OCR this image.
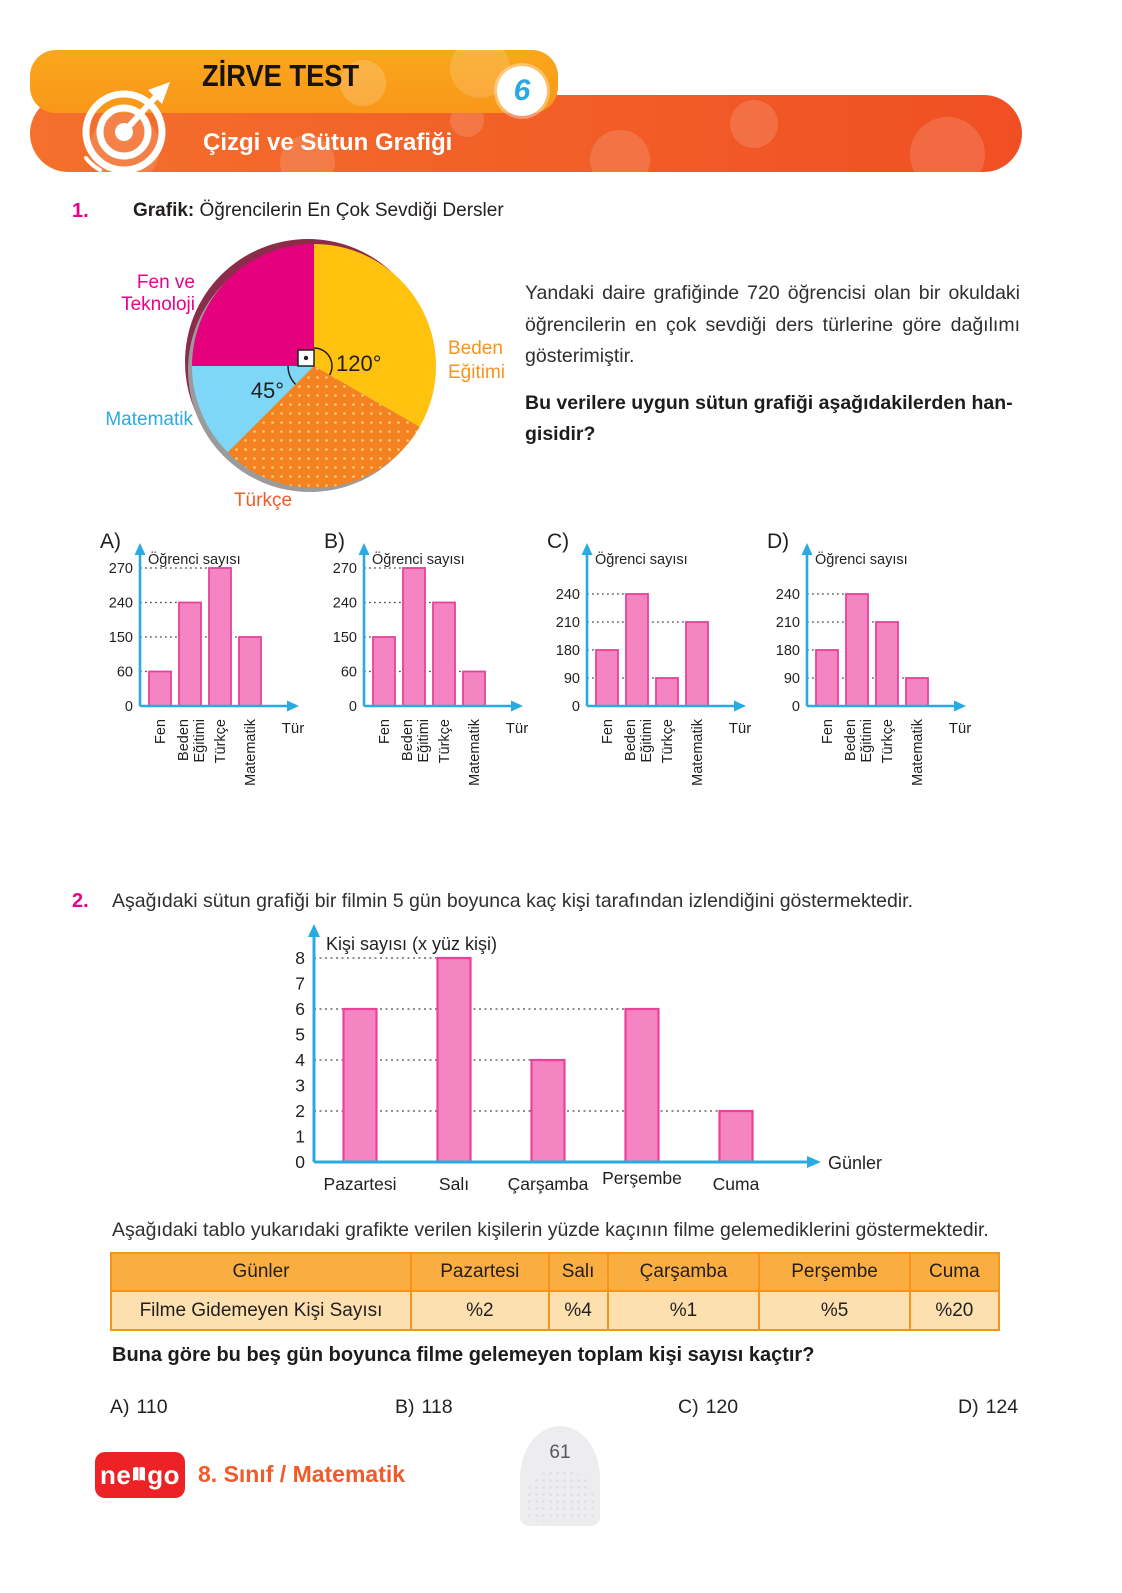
ZİRVE TEST
Çizgi ve Sütun Grafiği
6
1. Grafik: Öğrencilerin En Çok Sevdiği Dersler
Beden
Eğitimi
Türkçe
Matematik
Fen ve
Teknoloji
120°
45°
Yandaki daire grafiğinde 720 öğrencisi olan bir okuldaki öğrencilerin en çok sevdiği ders türlerine göre dağılımı gösterimiştir.
Bu verilere uygun sütun grafiği aşağıdakilerden han-
gisidir?
A)
0
60
150
240
270
Öğrenci sayısı
Tür
Fen Beden Eğitimi Türkçe Matematik
B)
0
60
150
240
270
Öğrenci sayısı
Tür
Fen Beden Eğitimi Türkçe Matematik
C)
0
90
180
210
240
Öğrenci sayısı
Tür
Fen Beden Eğitimi Türkçe Matematik
D)
0
90
180
210
240
Öğrenci sayısı
Tür
Fen Beden Eğitimi Türkçe Matematik
2. Aşağıdaki sütun grafiği bir filmin 5 gün boyunca kaç kişi tarafından izlendiğini göstermektedir.
0
1
2
3
4
5
6
7
8
Kişi sayısı (x yüz kişi)
Günler
Pazartesi Salı Çarşamba Perşembe Cuma
Aşağıdaki tablo yukarıdaki grafikte verilen kişilerin yüzde kaçının filme gelemediklerini göstermektedir.
Günler	Pazartesi	Salı	Çarşamba	Perşembe	Cuma
Filme Gidemeyen Kişi Sayısı	%2	%4	%1	%5	%20
Buna göre bu beş gün boyunca filme gelemeyen toplam kişi sayısı kaçtır?
A) 110	B) 118	C) 120	D) 124
ne go 8. Sınıf / Matematik
61
